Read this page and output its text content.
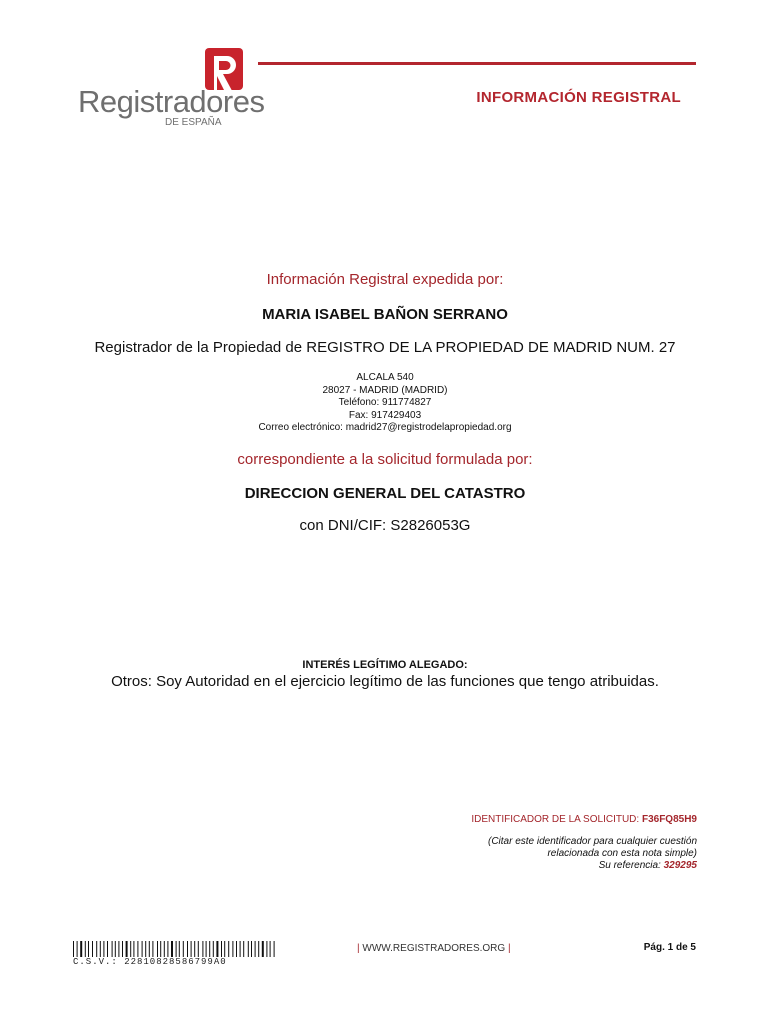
Registradores
DE ESPAÑA
INFORMACIÓN REGISTRAL
Información Registral expedida por:
MARIA ISABEL BAÑON SERRANO
Registrador de la Propiedad de REGISTRO DE LA PROPIEDAD DE MADRID NUM. 27
ALCALA 540
28027 - MADRID (MADRID)
Teléfono: 911774827
Fax: 917429403
Correo electrónico: madrid27@registrodelapropiedad.org
correspondiente a la solicitud formulada por:
DIRECCION GENERAL DEL CATASTRO
con DNI/CIF: S2826053G
INTERÉS LEGÍTIMO ALEGADO:
Otros: Soy Autoridad en el ejercicio legítimo de las funciones que tengo atribuidas.
IDENTIFICADOR DE LA SOLICITUD: F36FQ85H9
(Citar este identificador para cualquier cuestión
relacionada con esta nota simple)
Su referencia: 329295
C.S.V.: 22810828586799A0
| WWW.REGISTRADORES.ORG |	Pág. 1 de 5
